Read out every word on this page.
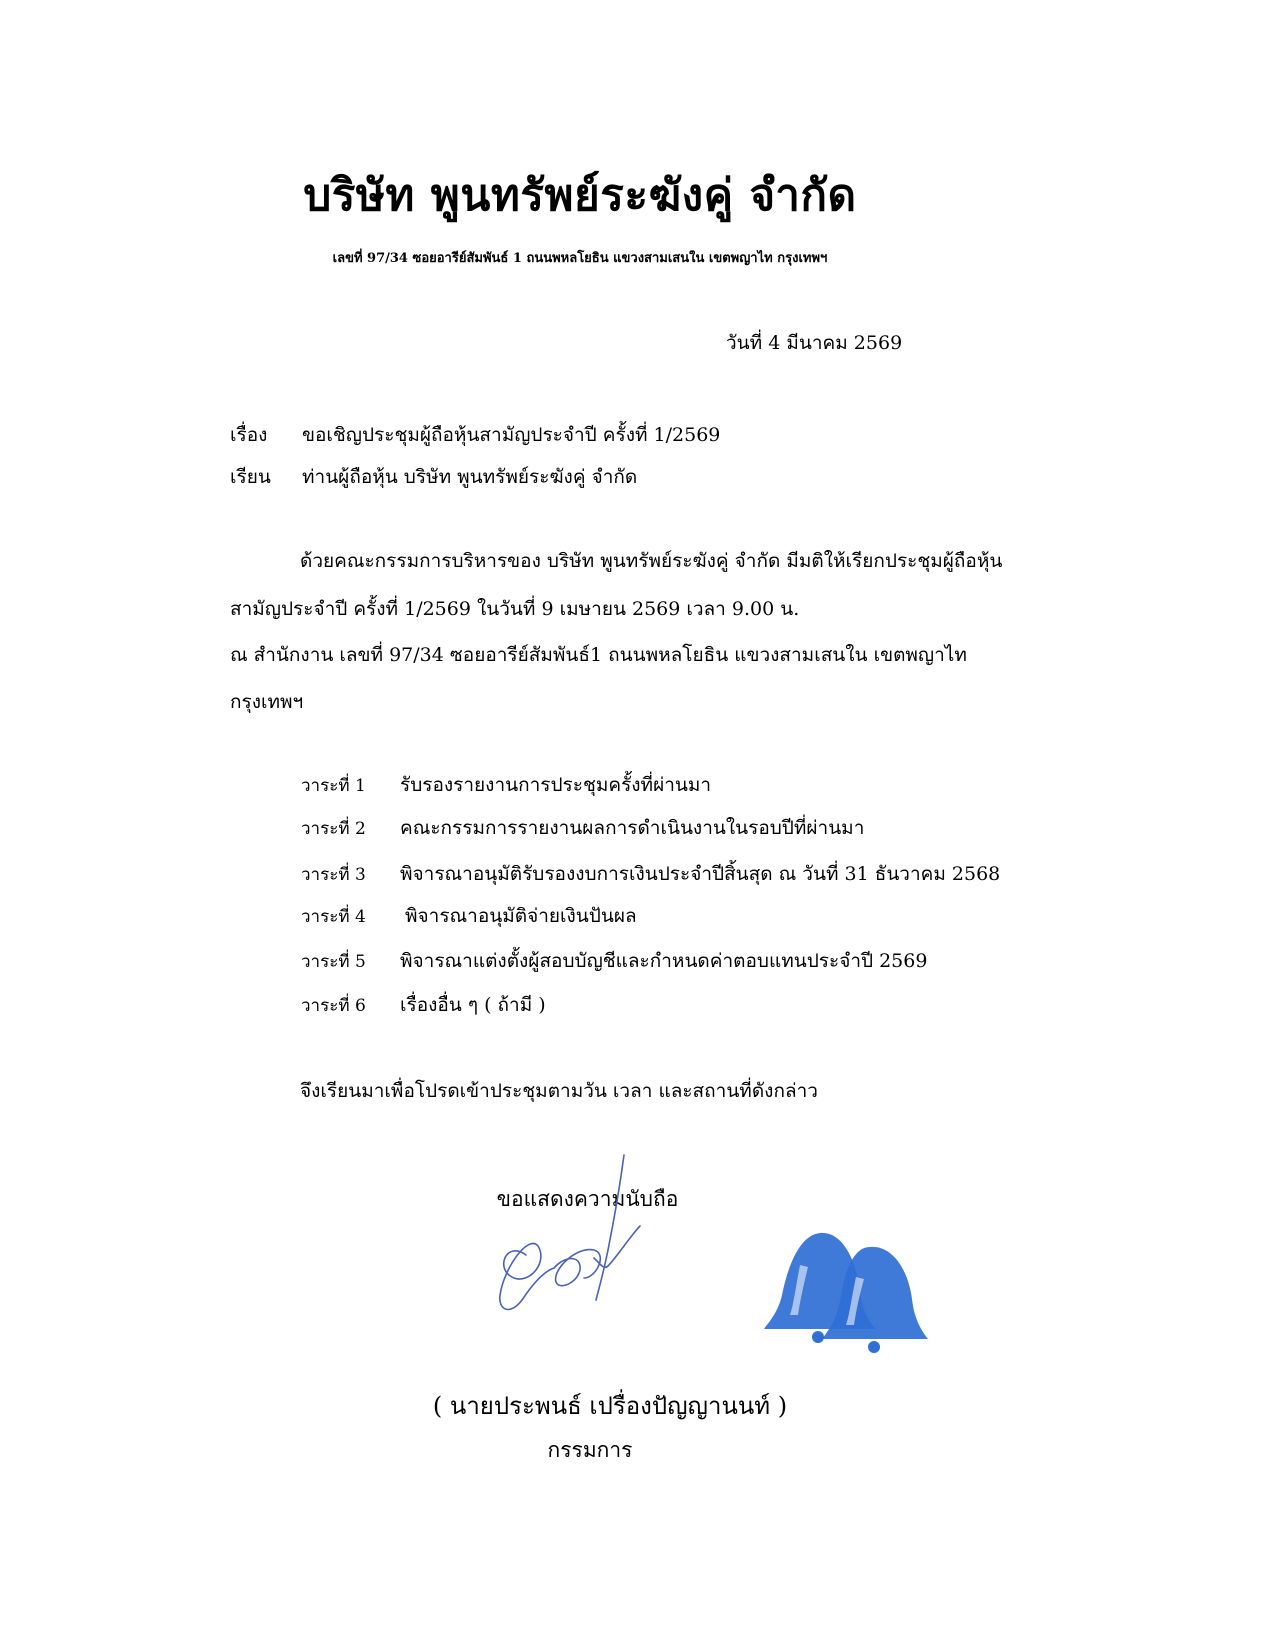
บริษัท พูนทรัพย์ระฆังคู่ จำกัด
เลขที่ 97/34 ซอยอารีย์สัมพันธ์ 1 ถนนพหลโยธิน แขวงสามเสนใน เขตพญาไท กรุงเทพฯ
วันที่ 4 มีนาคม 2569
เรื่อง ขอเชิญประชุมผู้ถือหุ้นสามัญประจำปี ครั้งที่ 1/2569
เรียน ท่านผู้ถือหุ้น บริษัท พูนทรัพย์ระฆังคู่ จำกัด
ด้วยคณะกรรมการบริหารของ บริษัท พูนทรัพย์ระฆังคู่ จำกัด มีมติให้เรียกประชุมผู้ถือหุ้น
สามัญประจำปี ครั้งที่ 1/2569 ในวันที่ 9 เมษายน 2569 เวลา 9.00 น.
ณ สำนักงาน เลขที่ 97/34 ซอยอารีย์สัมพันธ์1 ถนนพหลโยธิน แขวงสามเสนใน เขตพญาไท
กรุงเทพฯ
วาระที่ 1 รับรองรายงานการประชุมครั้งที่ผ่านมา
วาระที่ 2 คณะกรรมการรายงานผลการดำเนินงานในรอบปีที่ผ่านมา
วาระที่ 3 พิจารณาอนุมัติรับรองงบการเงินประจำปีสิ้นสุด ณ วันที่ 31 ธันวาคม 2568
วาระที่ 4 พิจารณาอนุมัติจ่ายเงินปันผล
วาระที่ 5 พิจารณาแต่งตั้งผู้สอบบัญชีและกำหนดค่าตอบแทนประจำปี 2569
วาระที่ 6 เรื่องอื่น ๆ ( ถ้ามี )
จึงเรียนมาเพื่อโปรดเข้าประชุมตามวัน เวลา และสถานที่ดังกล่าว
ขอแสดงความนับถือ
( นายประพนธ์ เปรื่องปัญญานนท์ )
กรรมการ
